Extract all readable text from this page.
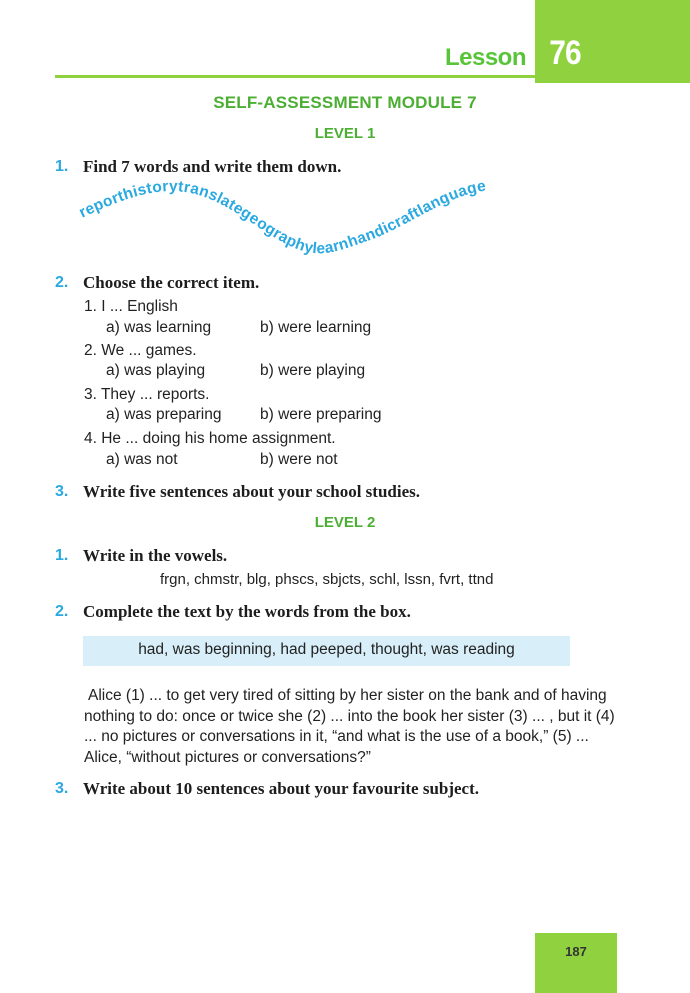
Lesson 76
SELF-ASSESSMENT MODULE 7
LEVEL 1
1. Find 7 words and write them down.
reporthistorytranslategeographylearnhandicraftlanguage
2. Choose the correct item.
1. I ... English
a) was learning	b) were learning
2. We ... games.
a) was playing	b) were playing
3. They ... reports.
a) was preparing b) were preparing
4. He ... doing his home assignment.
a) was not	b) were not
3. Write five sentences about your school studies.
LEVEL 2
1. Write in the vowels.
frgn, chmstr, blg, phscs, sbjcts, schl, lssn, fvrt, ttnd
2. Complete the text by the words from the box.
had, was beginning, had peeped, thought, was reading
Alice (1) ... to get very tired of sitting by her sister on the bank and of having nothing to do: once or twice she (2) ... into the book her sister (3) ... , but it (4) ... no pictures or conversations in it, “and what is the use of a book,” (5) ... Alice, “without pictures or conversations?”
3. Write about 10 sentences about your favourite subject.
187
